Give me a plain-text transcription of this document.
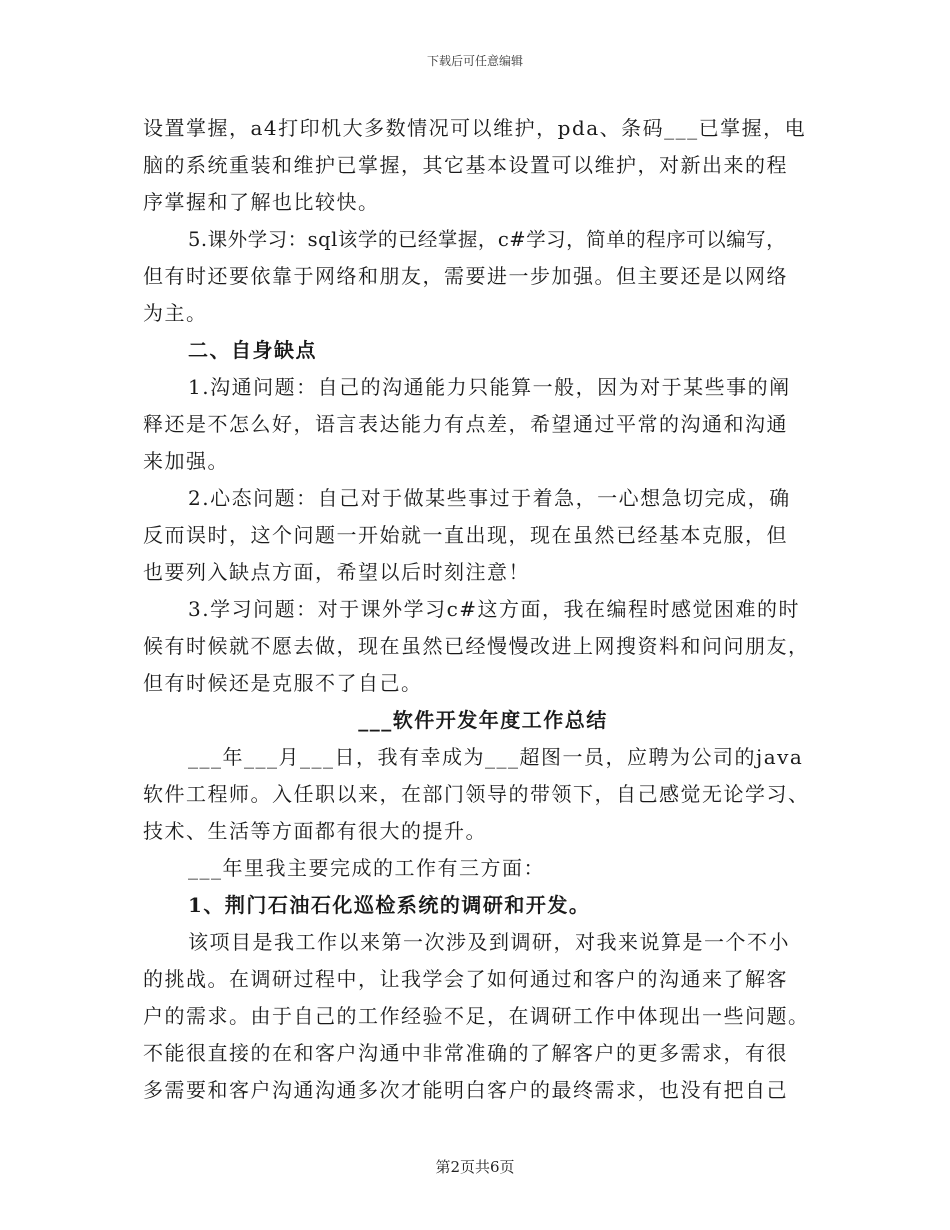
下载后可任意编辑
设置掌握，a4打印机大多数情况可以维护，pda、条码___已掌握，电
脑的系统重装和维护已掌握，其它基本设置可以维护，对新出来的程
序掌握和了解也比较快。
5.课外学习：sql该学的已经掌握，c#学习，简单的程序可以编写，
但有时还要依靠于网络和朋友，需要进一步加强。但主要还是以网络
为主。
二、自身缺点
1.沟通问题：自己的沟通能力只能算一般，因为对于某些事的阐
释还是不怎么好，语言表达能力有点差，希望通过平常的沟通和沟通
来加强。
2.心态问题：自己对于做某些事过于着急，一心想急切完成，确
反而误时，这个问题一开始就一直出现，现在虽然已经基本克服，但
也要列入缺点方面，希望以后时刻注意！
3.学习问题：对于课外学习c#这方面，我在编程时感觉困难的时
候有时候就不愿去做，现在虽然已经慢慢改进上网搜资料和问问朋友，
但有时候还是克服不了自己。
___软件开发年度工作总结
___年___月___日，我有幸成为___超图一员，应聘为公司的java
软件工程师。入任职以来，在部门领导的带领下，自己感觉无论学习、
技术、生活等方面都有很大的提升。
___年里我主要完成的工作有三方面：
1、荆门石油石化巡检系统的调研和开发。
该项目是我工作以来第一次涉及到调研，对我来说算是一个不小
的挑战。在调研过程中，让我学会了如何通过和客户的沟通来了解客
户的需求。由于自己的工作经验不足，在调研工作中体现出一些问题。
不能很直接的在和客户沟通中非常准确的了解客户的更多需求，有很
多需要和客户沟通沟通多次才能明白客户的最终需求，也没有把自己
第2页共6页
